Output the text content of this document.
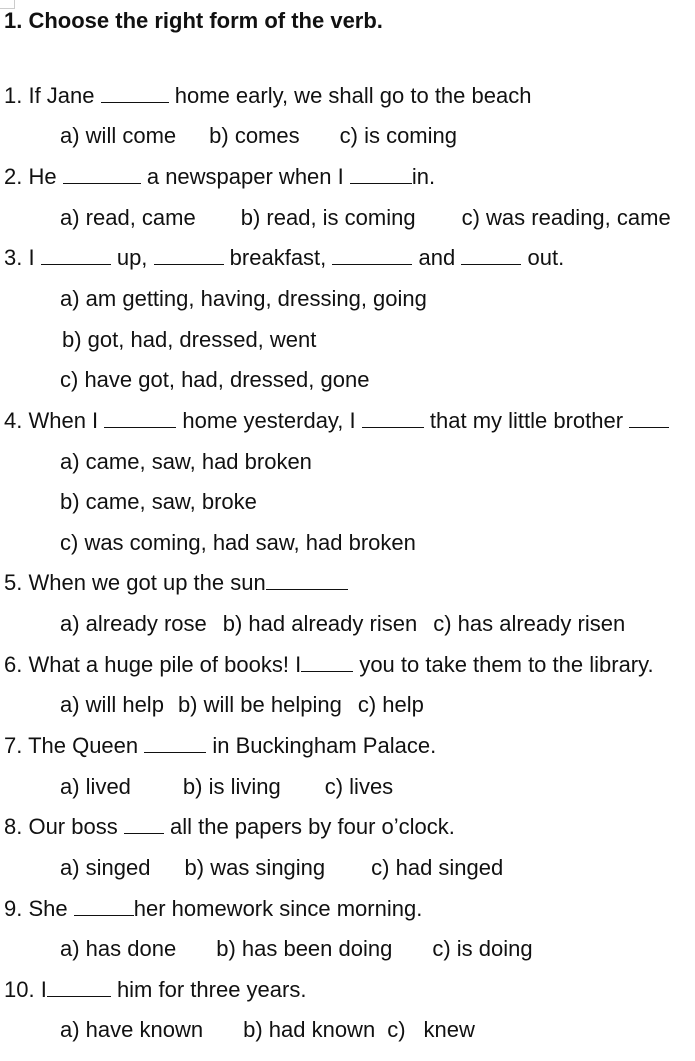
1. Choose the right form of the verb.
1. If Jane	home early, we shall go to the beach
a) will come b) comes c) is coming
2. He	a newspaper when I	in.
a) read, came b) read, is coming c) was reading, came
3. I	up,	breakfast,	and	out.
a) am getting, having, dressing, going
b) got, had, dressed, went
c) have got, had, dressed, gone
4. When I	home yesterday, I	that my little brother
a) came, saw, had broken
b) came, saw, broke
c) was coming, had saw, had broken
5. When we got up the sun
a) already rose b) had already risen c) has already risen
6. What a huge pile of books! I	you to take them to the library.
a) will help b) will be helping c) help
7. The Queen	in Buckingham Palace.
a) lived b) is living c) lives
8. Our boss all the papers by four o’clock.
a) singed b) was singing c) had singed
9. She	her homework since morning.
a) has done b) has been doing c) is doing
10. I	him for three years.
a) have known b) had known c) knew
